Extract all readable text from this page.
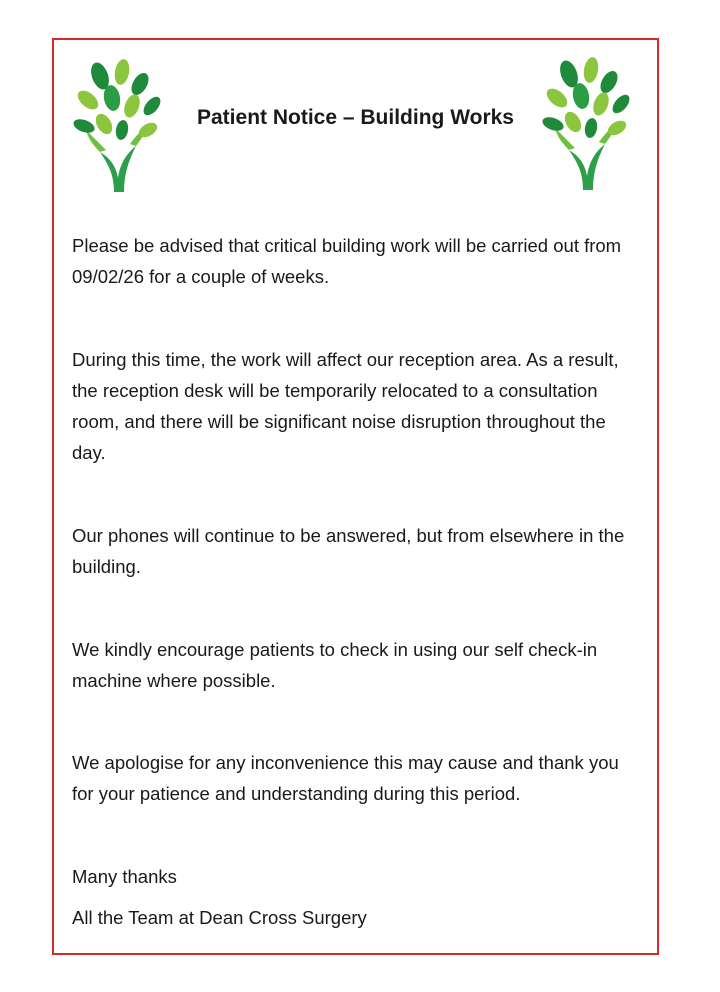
Patient Notice – Building Works

Please be advised that critical building work will be carried out from 09/02/26 for a couple of weeks.

During this time, the work will affect our reception area. As a result, the reception desk will be temporarily relocated to a consultation room, and there will be significant noise disruption throughout the day.

Our phones will continue to be answered, but from elsewhere in the building.

We kindly encourage patients to check in using our self check-in machine where possible.

We apologise for any inconvenience this may cause and thank you for your patience and understanding during this period.

Many thanks

All the Team at Dean Cross Surgery
